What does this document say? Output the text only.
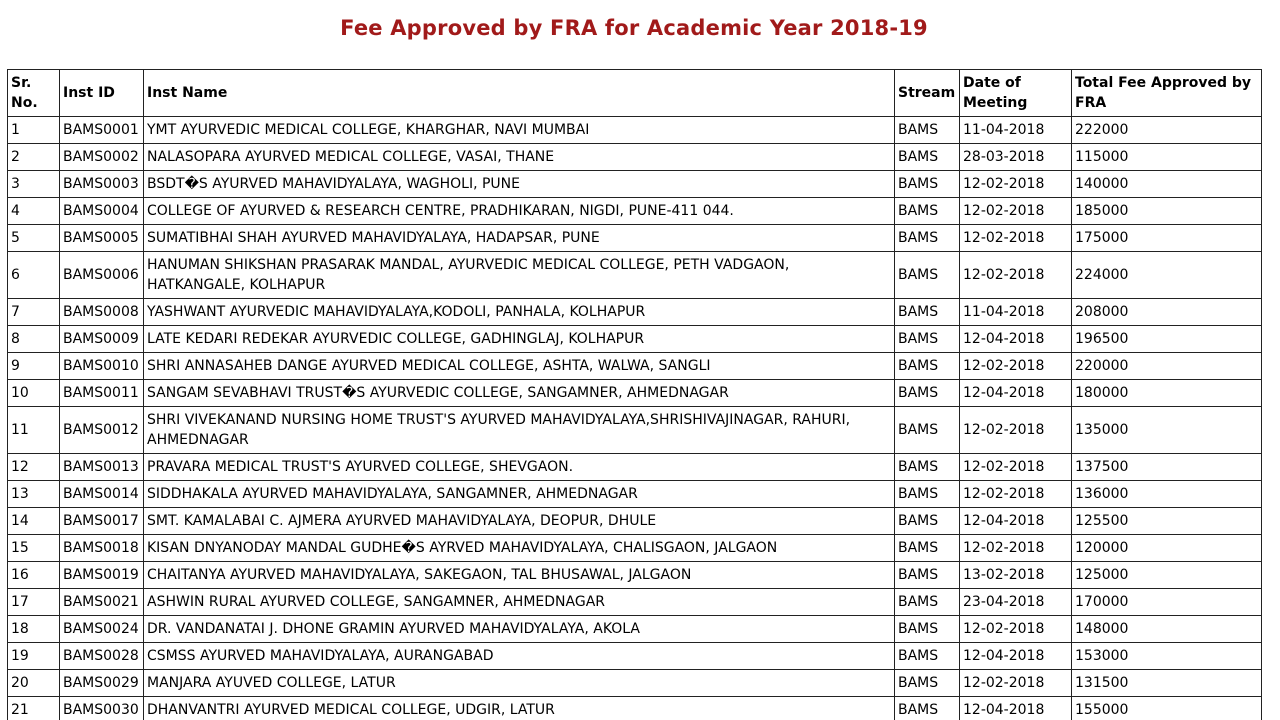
Fee Approved by FRA for Academic Year 2018-19
Sr. No.	Inst ID	Inst Name	Stream	Date of Meeting	Total Fee Approved by FRA
1	BAMS0001	YMT AYURVEDIC MEDICAL COLLEGE, KHARGHAR, NAVI MUMBAI	BAMS	11-04-2018	222000
2	BAMS0002	NALASOPARA AYURVED MEDICAL COLLEGE, VASAI, THANE	BAMS	28-03-2018	115000
3	BAMS0003	BSDT�S AYURVED MAHAVIDYALAYA, WAGHOLI, PUNE	BAMS	12-02-2018	140000
4	BAMS0004	COLLEGE OF AYURVED & RESEARCH CENTRE, PRADHIKARAN, NIGDI, PUNE-411 044.	BAMS	12-02-2018	185000
5	BAMS0005	SUMATIBHAI SHAH AYURVED MAHAVIDYALAYA, HADAPSAR, PUNE	BAMS	12-02-2018	175000
6	BAMS0006	HANUMAN SHIKSHAN PRASARAK MANDAL, AYURVEDIC MEDICAL COLLEGE, PETH VADGAON, HATKANGALE, KOLHAPUR	BAMS	12-02-2018	224000
7	BAMS0008	YASHWANT AYURVEDIC MAHAVIDYALAYA,KODOLI, PANHALA, KOLHAPUR	BAMS	11-04-2018	208000
8	BAMS0009	LATE KEDARI REDEKAR AYURVEDIC COLLEGE, GADHINGLAJ, KOLHAPUR	BAMS	12-04-2018	196500
9	BAMS0010	SHRI ANNASAHEB DANGE AYURVED MEDICAL COLLEGE, ASHTA, WALWA, SANGLI	BAMS	12-02-2018	220000
10	BAMS0011	SANGAM SEVABHAVI TRUST�S AYURVEDIC COLLEGE, SANGAMNER, AHMEDNAGAR	BAMS	12-04-2018	180000
11	BAMS0012	SHRI VIVEKANAND NURSING HOME TRUST'S AYURVED MAHAVIDYALAYA,SHRISHIVAJINAGAR, RAHURI, AHMEDNAGAR	BAMS	12-02-2018	135000
12	BAMS0013	PRAVARA MEDICAL TRUST'S AYURVED COLLEGE, SHEVGAON.	BAMS	12-02-2018	137500
13	BAMS0014	SIDDHAKALA AYURVED MAHAVIDYALAYA, SANGAMNER, AHMEDNAGAR	BAMS	12-02-2018	136000
14	BAMS0017	SMT. KAMALABAI C. AJMERA AYURVED MAHAVIDYALAYA, DEOPUR, DHULE	BAMS	12-04-2018	125500
15	BAMS0018	KISAN DNYANODAY MANDAL GUDHE�S AYRVED MAHAVIDYALAYA, CHALISGAON, JALGAON	BAMS	12-02-2018	120000
16	BAMS0019	CHAITANYA AYURVED MAHAVIDYALAYA, SAKEGAON, TAL BHUSAWAL, JALGAON	BAMS	13-02-2018	125000
17	BAMS0021	ASHWIN RURAL AYURVED COLLEGE, SANGAMNER, AHMEDNAGAR	BAMS	23-04-2018	170000
18	BAMS0024	DR. VANDANATAI J. DHONE GRAMIN AYURVED MAHAVIDYALAYA, AKOLA	BAMS	12-02-2018	148000
19	BAMS0028	CSMSS AYURVED MAHAVIDYALAYA, AURANGABAD	BAMS	12-04-2018	153000
20	BAMS0029	MANJARA AYUVED COLLEGE, LATUR	BAMS	12-02-2018	131500
21	BAMS0030	DHANVANTRI AYURVED MEDICAL COLLEGE, UDGIR, LATUR	BAMS	12-04-2018	155000
